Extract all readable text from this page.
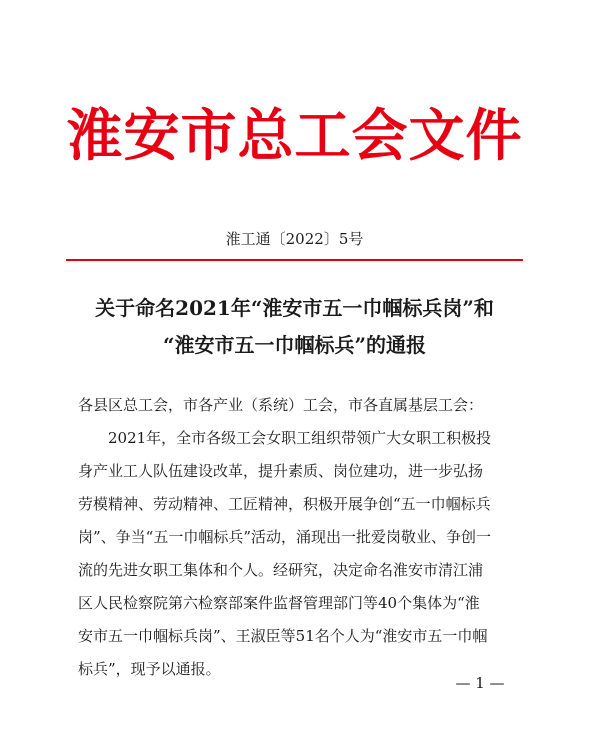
淮安市总工会文件
淮工通〔2022〕5号
关于命名2021年“淮安市五一巾帼标兵岗”和
“淮安市五一巾帼标兵”的通报
各县区总工会，市各产业（系统）工会，市各直属基层工会：
2021年，全市各级工会女职工组织带领广大女职工积极投
身产业工人队伍建设改革，提升素质、岗位建功，进一步弘扬
劳模精神、劳动精神、工匠精神，积极开展争创“五一巾帼标兵
岗”、争当“五一巾帼标兵”活动，涌现出一批爱岗敬业、争创一
流的先进女职工集体和个人。经研究，决定命名淮安市清江浦
区人民检察院第六检察部案件监督管理部门等40个集体为“淮
安市五一巾帼标兵岗”、王淑臣等51名个人为“淮安市五一巾帼
标兵”，现予以通报。
— 1 —
